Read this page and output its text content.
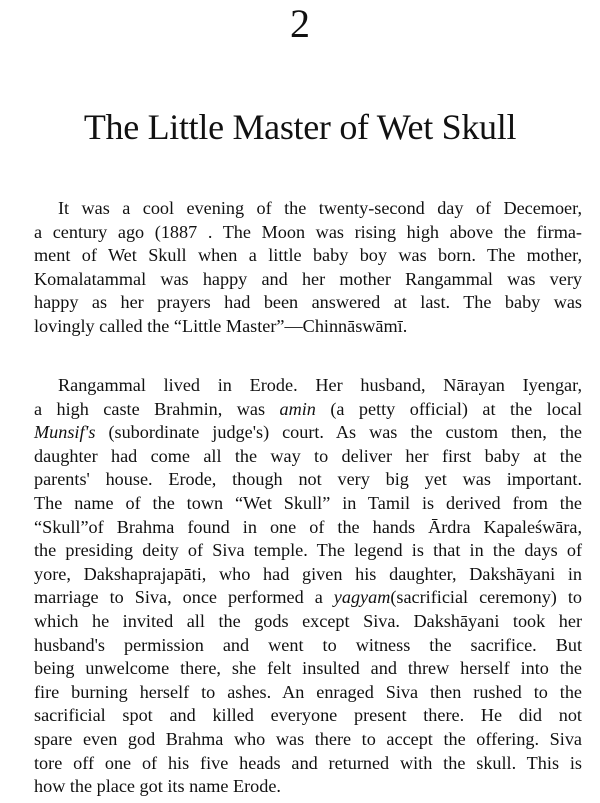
2
The Little Master of Wet Skull

It was a cool evening of the twenty-second day of Decemoer,
a century ago (1887 . The Moon was rising high above the firma-
ment of Wet Skull when a little baby boy was born. The mother,
Komalatammal was happy and her mother Rangammal was very
happy as her prayers had been answered at last. The baby was
lovingly called the “Little Master”—Chinnāswāmī.

Rangammal lived in Erode. Her husband, Nārayan Iyengar,
a high caste Brahmin, was amin (a petty official) at the local
Munsif's (subordinate judge's) court. As was the custom then, the
daughter had come all the way to deliver her first baby at the
parents' house. Erode, though not very big yet was important.
The name of the town “Wet Skull” in Tamil is derived from the
“Skull”of Brahma found in one of the hands Ārdra Kapaleśwāra,
the presiding deity of Siva temple. The legend is that in the days of
yore, Dakshaprajapāti, who had given his daughter, Dakshāyani in
marriage to Siva, once performed a yagyam(sacrificial ceremony) to
which he invited all the gods except Siva. Dakshāyani took her
husband's permission and went to witness the sacrifice. But
being unwelcome there, she felt insulted and threw herself into the
fire burning herself to ashes. An enraged Siva then rushed to the
sacrificial spot and killed everyone present there. He did not
spare even god Brahma who was there to accept the offering. Siva
tore off one of his five heads and returned with the skull. This is
how the place got its name Erode.
